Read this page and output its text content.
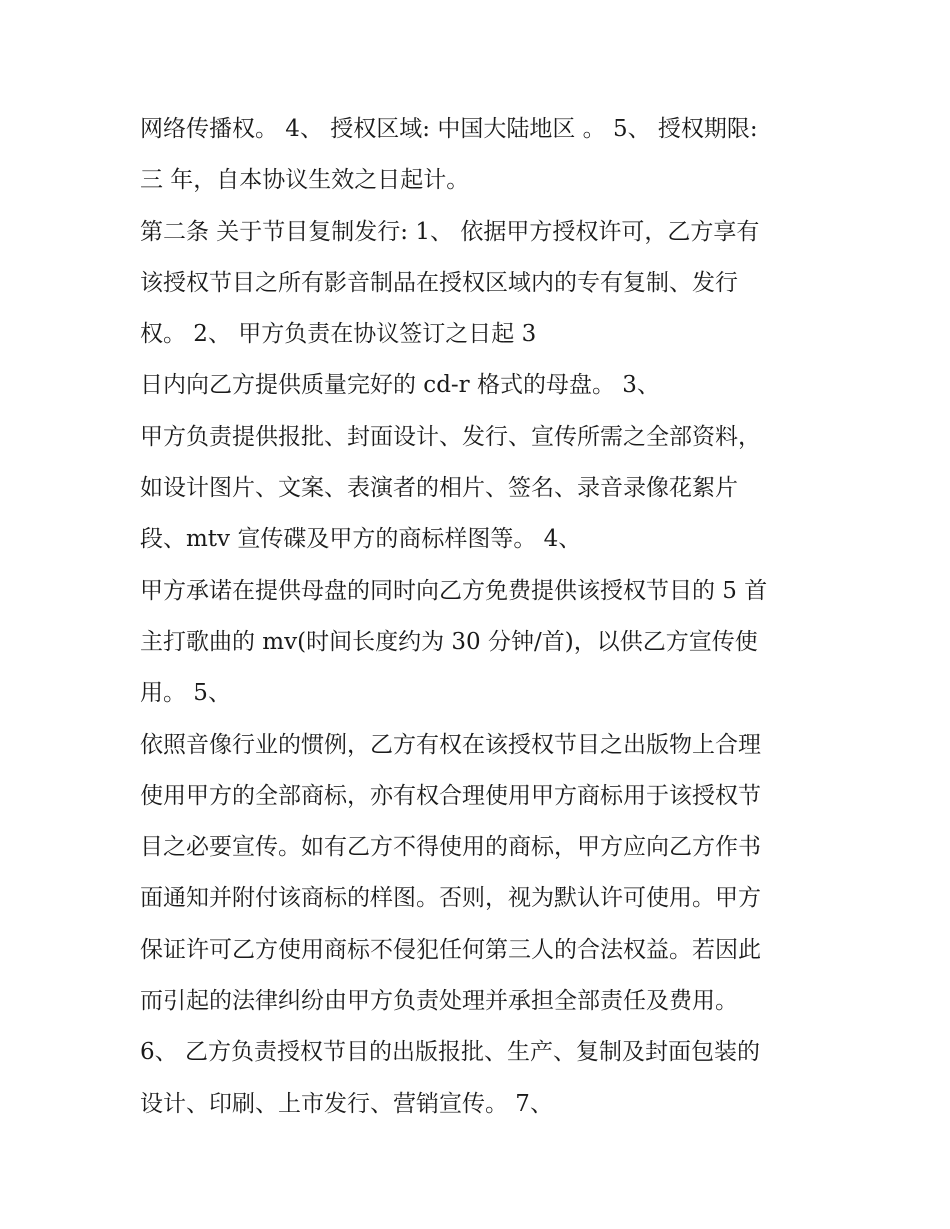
网络传播权。 4、 授权区域: 中国大陆地区 。 5、 授权期限:
三 年，自本协议生效之日起计。
第二条 关于节目复制发行: 1、 依据甲方授权许可，乙方享有
该授权节目之所有影音制品在授权区域内的专有复制、发行
权。 2、 甲方负责在协议签订之日起 3
日内向乙方提供质量完好的 cd-r 格式的母盘。 3、
甲方负责提供报批、封面设计、发行、宣传所需之全部资料，
如设计图片、文案、表演者的相片、签名、录音录像花絮片
段、mtv 宣传碟及甲方的商标样图等。 4、
甲方承诺在提供母盘的同时向乙方免费提供该授权节目的 5 首
主打歌曲的 mv(时间长度约为 30 分钟/首)，以供乙方宣传使
用。 5、
依照音像行业的惯例，乙方有权在该授权节目之出版物上合理
使用甲方的全部商标，亦有权合理使用甲方商标用于该授权节
目之必要宣传。如有乙方不得使用的商标，甲方应向乙方作书
面通知并附付该商标的样图。否则，视为默认许可使用。甲方
保证许可乙方使用商标不侵犯任何第三人的合法权益。若因此
而引起的法律纠纷由甲方负责处理并承担全部责任及费用。
6、 乙方负责授权节目的出版报批、生产、复制及封面包装的
设计、印刷、上市发行、营销宣传。 7、
